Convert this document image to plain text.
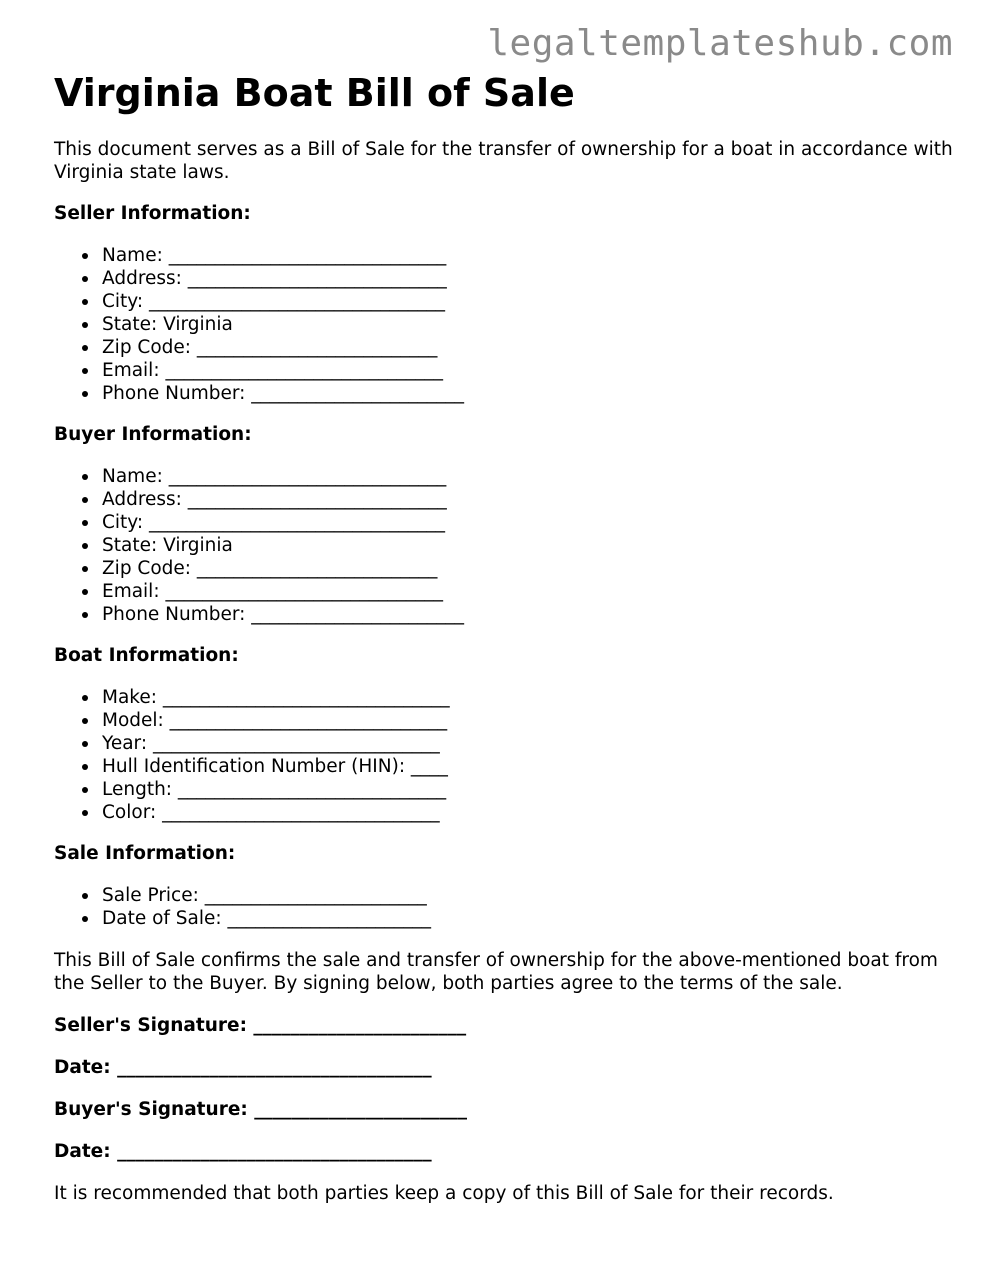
legaltemplateshub.com
Virginia Boat Bill of Sale

This document serves as a Bill of Sale for the transfer of ownership for a boat in accordance with Virginia state laws.

Seller Information:
Name: ______________________________
Address: ____________________________
City: ________________________________
State: Virginia
Zip Code: __________________________
Email: ______________________________
Phone Number: _______________________
Buyer Information:
Name: ______________________________
Address: ____________________________
City: ________________________________
State: Virginia
Zip Code: __________________________
Email: ______________________________
Phone Number: _______________________
Boat Information:
Make: _______________________________
Model: ______________________________
Year: _______________________________
Hull Identification Number (HIN): ____
Length: _____________________________
Color: ______________________________
Sale Information:
Sale Price: ________________________
Date of Sale: ______________________

This Bill of Sale confirms the sale and transfer of ownership for the above-mentioned boat from the Seller to the Buyer. By signing below, both parties agree to the terms of the sale.

Seller's Signature: _______________________
Date: __________________________________
Buyer's Signature: _______________________
Date: __________________________________

It is recommended that both parties keep a copy of this Bill of Sale for their records.
